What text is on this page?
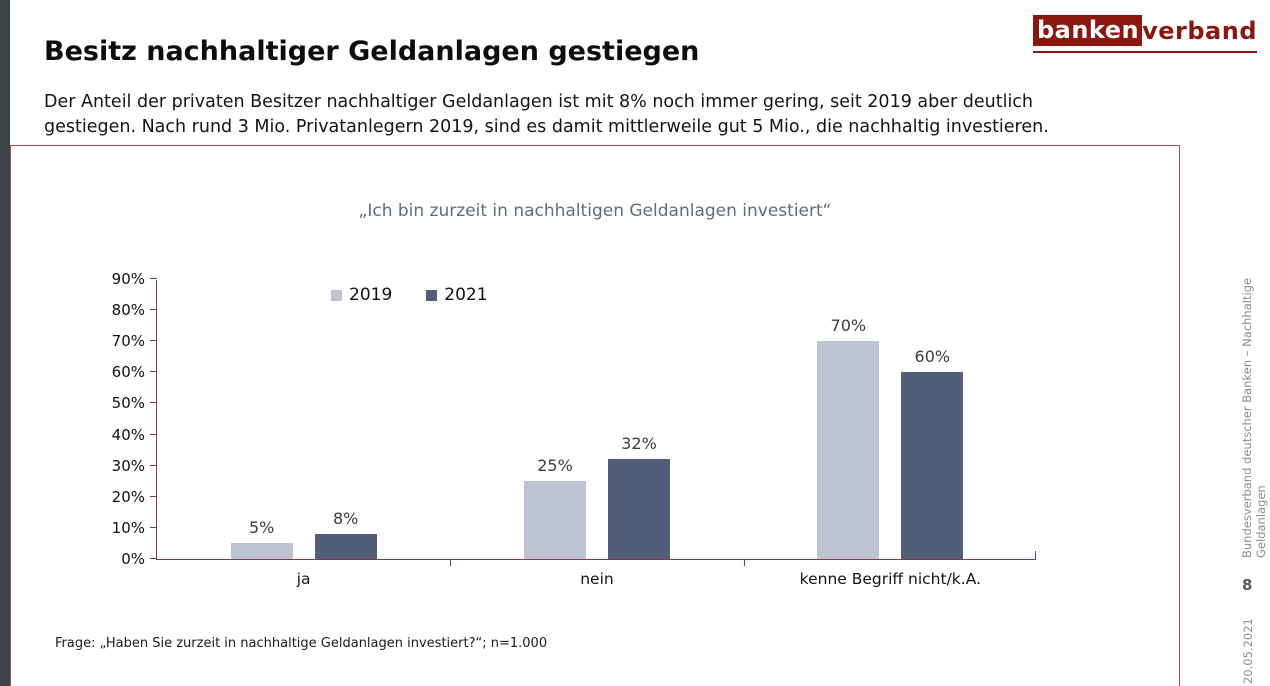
banken verband
Besitz nachhaltiger Geldanlagen gestiegen
Der Anteil der privaten Besitzer nachhaltiger Geldanlagen ist mit 8% noch immer gering, seit 2019 aber deutlich
gestiegen. Nach rund 3 Mio. Privatanlegern 2019, sind es damit mittlerweile gut 5 Mio., die nachhaltig investieren.
„Ich bin zurzeit in nachhaltigen Geldanlagen investiert“
2019	2021
0%
10%
20%
30%
40%
50%
60%
70%
80%
90%
ja	nein	kenne Begriff nicht/k.A.
5%
25%
70%
8%
32%
60%
Frage: „Haben Sie zurzeit in nachhaltige Geldanlagen investiert?“; n=1.000
Bundesverband deutscher Banken – Nachhaltige Geldanlagen
8
20.05.2021
